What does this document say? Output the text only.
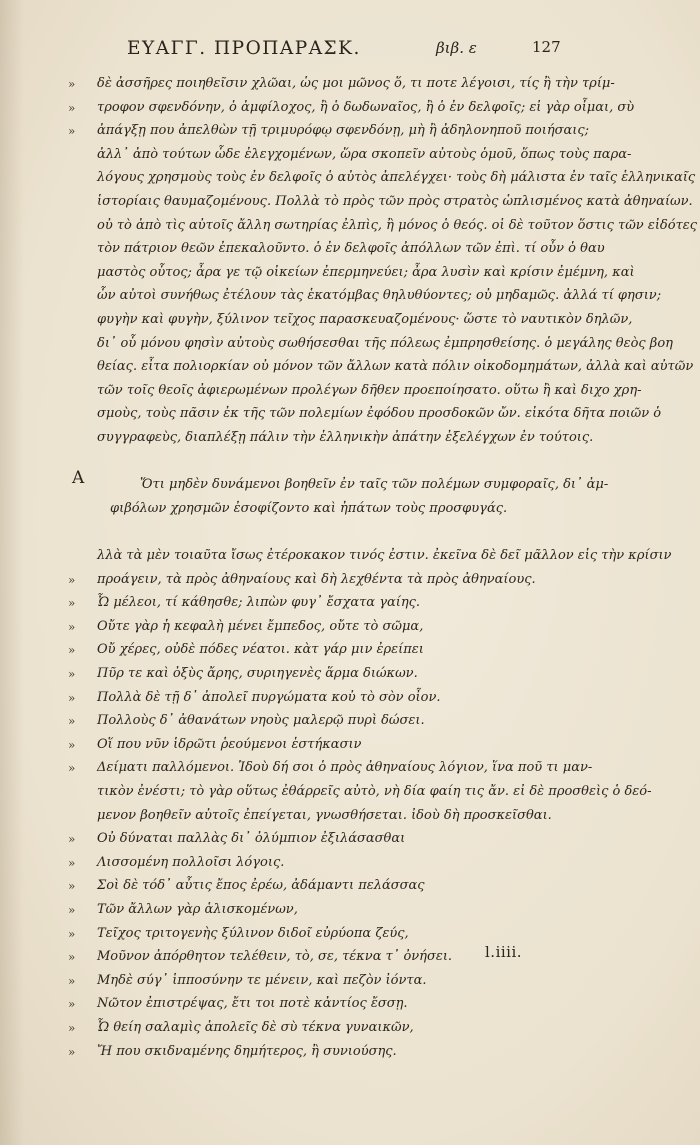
ΕΥΑΓΓ. ΠΡΟΠΑΡΑΣΚ.	βιβ. ε	127
» δὲ ἀσσῆρες ποιηθεῖσιν χλῶαι, ὡς μοι μῶνος ὅ, τι ποτε λέγοισι, τίς ἢ τὴν τρίμ-
» τροφον σφενδόνην, ὁ ἀμφίλοχος, ἢ ὁ δωδωναῖος, ἢ ὁ ἐν δελφοῖς; εἰ γὰρ οἶμαι, σὺ
» ἀπάγξῃ που ἀπελθὼν τῇ τριμυρόφῳ σφενδόνῃ, μὴ ἢ ἀδηλονηποῦ ποιήσαις;
ἀλλ᾽ ἀπὸ τούτων ὧδε ἐλεγχομένων, ὥρα σκοπεῖν αὐτοὺς ὁμοῦ, ὅπως τοὺς παρα-
λόγους χρησμοὺς τοὺς ἐν δελφοῖς ὁ αὐτὸς ἀπελέγχει· τοὺς δὴ μάλιστα ἐν ταῖς ἑλληνικαῖς
ἱστορίαις θαυμαζομένους. Πολλὰ τὸ πρὸς τῶν πρὸς στρατὸς ὡπλισμένος κατὰ ἀθηναίων.
οὐ τὸ ἀπὸ τὶς αὐτοῖς ἄλλη σωτηρίας ἐλπὶς, ἢ μόνος ὁ θεός. οἱ δὲ τοῦτον ὅστις τῶν εἰδότες
τὸν πάτριον θεῶν ἐπεκαλοῦντο. ὁ ἐν δελφοῖς ἀπόλλων τῶν ἐπὶ. τί οὖν ὁ θαυ
μαστὸς οὗτος; ἆρα γε τῷ οἰκείων ἐπερμηνεύει; ἆρα λυσὶν καὶ κρίσιν ἐμέμνη, καὶ
ὧν αὐτοὶ συνήθως ἐτέλουν τὰς ἑκατόμβας θηλυθύοντες; οὐ μηδαμῶς. ἀλλά τί φησιν;
φυγὴν καὶ φυγὴν, ξύλινον τεῖχος παρασκευαζομένους· ὥστε τὸ ναυτικὸν δηλῶν,
δι᾽ οὗ μόνου φησὶν αὐτοὺς σωθήσεσθαι τῆς πόλεως ἐμπρησθείσης. ὁ μεγάλης θεὸς βοη
θείας. εἶτα πολιορκίαν οὐ μόνον τῶν ἄλλων κατὰ πόλιν οἰκοδομημάτων, ἀλλὰ καὶ αὐτῶν
τῶν τοῖς θεοῖς ἀφιερωμένων προλέγων δῆθεν προεποίησατο. οὕτω ἢ καὶ διχο χρη-
σμοὺς, τοὺς πᾶσιν ἐκ τῆς τῶν πολεμίων ἐφόδου προσδοκῶν ὤν. εἰκότα δῆτα ποιῶν ὁ
συγγραφεὺς, διαπλέξῃ πάλιν τὴν ἑλληνικὴν ἀπάτην ἐξελέγχων ἐν τούτοις.
Ὅτι μηδὲν δυνάμενοι βοηθεῖν ἐν ταῖς τῶν πολέμων συμφοραῖς, δι᾽ ἀμ-
φιβόλων χρησμῶν ἐσοφίζοντο καὶ ἠπάτων τοὺς προσφυγάς.
λλὰ τὰ μὲν τοιαῦτα ἴσως ἐτέροκακον τινός ἐστιν. ἐκεῖνα δὲ δεῖ μᾶλλον εἰς τὴν κρίσιν
» προάγειν, τὰ πρὸς ἀθηναίους καὶ δὴ λεχθέντα τὰ πρὸς ἀθηναίους.
» Ὦ μέλεοι, τί κάθησθε; λιπὼν φυγ᾽ ἔσχατα γαίης.
» Οὔτε γὰρ ἡ κεφαλὴ μένει ἔμπεδος, οὔτε τὸ σῶμα,
» Οὔ χέρες, οὐδὲ πόδες νέατοι. κὰτ γάρ μιν ἐρείπει
» Πῦρ τε καὶ ὀξὺς ἄρης, συριηγενὲς ἅρμα διώκων.
» Πολλὰ δὲ τῇ δ᾽ ἀπολεῖ πυργώματα κοὐ τὸ σὸν οἶον.
» Πολλοὺς δ᾽ ἀθανάτων νηοὺς μαλερῷ πυρὶ δώσει.
» Οἵ που νῦν ἱδρῶτι ῥεούμενοι ἑστήκασιν
» Δείματι παλλόμενοι. Ἰδοὺ δή σοι ὁ πρὸς ἀθηναίους λόγιον, ἵνα ποῦ τι μαν-
τικὸν ἐνέστι; τὸ γὰρ οὕτως ἐθάρρεῖς αὐτὸ, νὴ δία φαίη τις ἄν. εἰ δὲ προσθεὶς ὁ δεό-
μενον βοηθεῖν αὐτοῖς ἐπείγεται, γνωσθήσεται. ἰδοὺ δὴ προσκεῖσθαι.
» Οὐ δύναται παλλὰς δι᾽ ὀλύμπιον ἐξιλάσασθαι
» Λισσομένη πολλοῖσι λόγοις.
» Σοὶ δὲ τόδ᾽ αὖτις ἔπος ἐρέω, ἀδάμαντι πελάσσας
» Τῶν ἄλλων γὰρ ἁλισκομένων,
» Τεῖχος τριτογενὴς ξύλινον διδοῖ εὐρύοπα ζεύς,
» Μοῦνον ἀπόρθητον τελέθειν, τὸ, σε, τέκνα τ᾽ ὀνήσει.
» Μηδὲ σύγ᾽ ἱπποσύνην τε μένειν, καὶ πεζὸν ἰόντα.
» Νῶτον ἐπιστρέψας, ἔτι τοι ποτὲ κἀντίος ἔσσῃ.
» Ὦ θείη σαλαμὶς ἀπολεῖς δὲ σὺ τέκνα γυναικῶν,
» Ἤ που σκιδναμένης δημήτερος, ἢ συνιούσης.
Α
l.iiii.
